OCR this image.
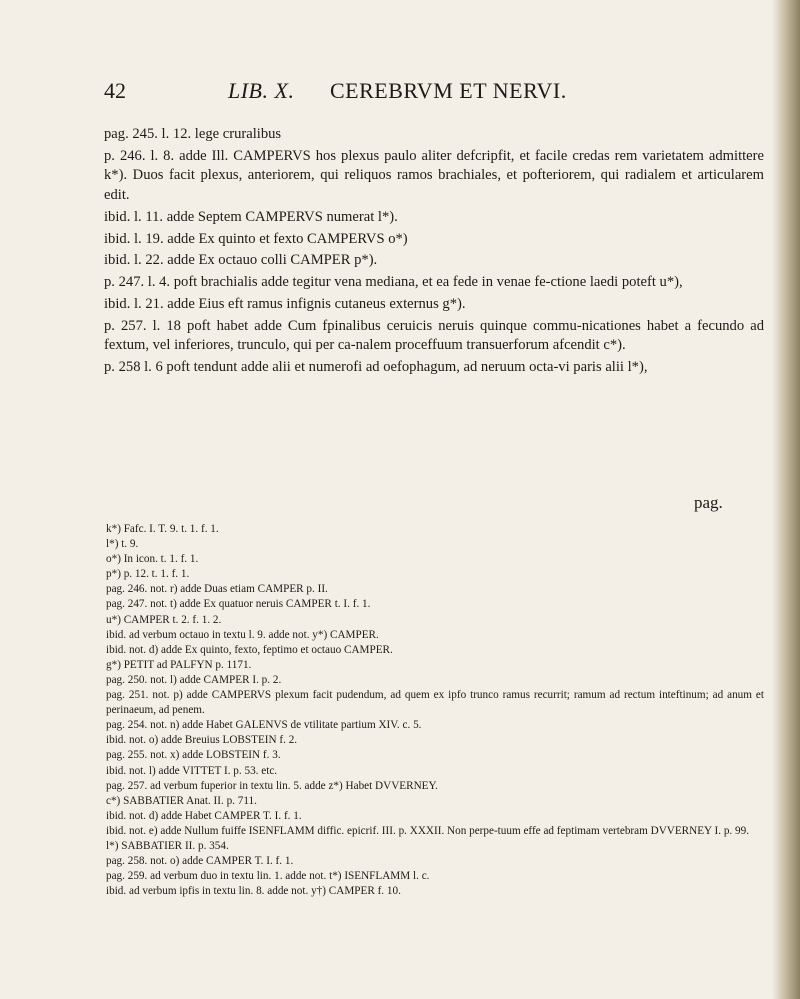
42	LIB. X. CEREBRVM ET NERVI.

pag. 245. l. 12. lege cruralibus

p. 246. l. 8. adde Ill. CAMPERVS hos plexus paulo aliter defcripfit, et facile credas rem varietatem admittere k*). Duos facit plexus, anteriorem, qui reliquos ramos brachiales, et pofteriorem, qui radialem et articularem edit.

ibid. l. 11. adde Septem CAMPERVS numerat l*).

ibid. l. 19. adde Ex quinto et fexto CAMPERVS o*)

ibid. l. 22. adde Ex octauo colli CAMPER p*).

p. 247. l. 4. poft brachialis adde tegitur vena mediana, et ea fede in venae fe-ctione laedi poteft u*),

ibid. l. 21. adde Eius eft ramus infignis cutaneus externus g*).

p. 257. l. 18 poft habet adde Cum fpinalibus ceruicis neruis quinque commu-nicationes habet a fecundo ad fextum, vel inferiores, trunculo, qui per ca-nalem proceffuum transuerforum afcendit c*).

p. 258 l. 6 poft tendunt adde alii et numerofi ad oefophagum, ad neruum octa-vi paris alii l*),

pag.

k*) Fafc. I. T. 9. t. 1. f. 1.

l*) t. 9.

o*) In icon. t. 1. f. 1.

p*) p. 12. t. 1. f. 1.

pag. 246. not. r) adde Duas etiam CAMPER p. II.

pag. 247. not. t) adde Ex quatuor neruis CAMPER t. I. f. 1.

u*) CAMPER t. 2. f. 1. 2.

ibid. ad verbum octauo in textu l. 9. adde not. y*) CAMPER.

ibid. not. d) adde Ex quinto, fexto, feptimo et octauo CAMPER.

g*) PETIT ad PALFYN p. 1171.

pag. 250. not. l) adde CAMPER I. p. 2.

pag. 251. not. p) adde CAMPERVS plexum facit pudendum, ad quem ex ipfo trunco ramus recurrit; ramum ad rectum inteftinum; ad anum et perinaeum, ad penem.

pag. 254. not. n) adde Habet GALENVS de vtilitate partium XIV. c. 5.

ibid. not. o) adde Breuius LOBSTEIN f. 2.

pag. 255. not. x) adde LOBSTEIN f. 3.

ibid. not. l) adde VITTET I. p. 53. etc.

pag. 257. ad verbum fuperior in textu lin. 5. adde z*) Habet DVVERNEY.

c*) SABBATIER Anat. II. p. 711.

ibid. not. d) adde Habet CAMPER T. I. f. 1.

ibid. not. e) adde Nullum fuiffe ISENFLAMM diffic. epicrif. III. p. XXXII. Non perpe-tuum effe ad feptimam vertebram DVVERNEY I. p. 99.

l*) SABBATIER II. p. 354.

pag. 258. not. o) adde CAMPER T. I. f. 1.

pag. 259. ad verbum duo in textu lin. 1. adde not. t*) ISENFLAMM l. c.

ibid. ad verbum ipfis in textu lin. 8. adde not. y†) CAMPER f. 10.
